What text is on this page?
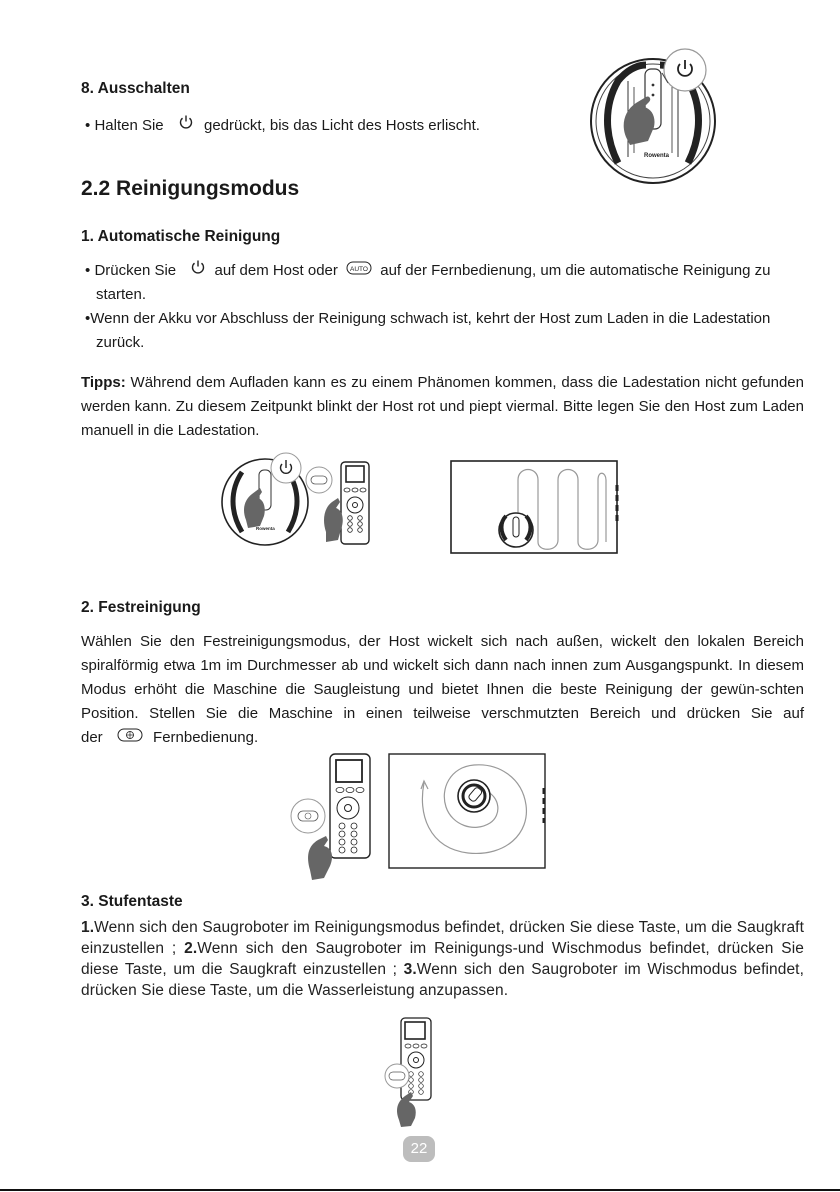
8. Ausschalten
• Halten Sie	gedrückt, bis das Licht des Hosts erlischt.
Rowenta
2.2 Reinigungsmodus
1. Automatische Reinigung
• Drücken Sie	auf dem Host oder AUTO auf der Fernbedienung, um die automatische Reinigung zu
starten.
•Wenn der Akku vor Abschluss der Reinigung schwach ist, kehrt der Host zum Laden in die Ladestation
zurück.
Tipps: Während dem Aufladen kann es zu einem Phänomen kommen, dass die Ladestation nicht gefunden werden kann. Zu diesem Zeitpunkt blinkt der Host rot und piept viermal. Bitte legen Sie den Host zum Laden manuell in die Ladestation.
Rowenta
2. Festreinigung
Wählen Sie den Festreinigungsmodus, der Host wickelt sich nach außen, wickelt den lokalen Bereich spiralförmig etwa 1m im Durchmesser ab und wickelt sich dann nach innen zum Ausgangspunkt. In diesem Modus erhöht die Maschine die Saugleistung und bietet Ihnen die beste Reinigung der gewün-schten Position. Stellen Sie die Maschine in einen teilweise verschmutzten Bereich und drücken Sie auf
der	Fernbedienung.
3. Stufentaste
1.Wenn sich den Saugroboter im Reinigungsmodus befindet, drücken Sie diese Taste, um die Saugkraft einzustellen ; 2.Wenn sich den Saugroboter im Reinigungs-und Wischmodus befindet, drücken Sie diese Taste, um die Saugkraft einzustellen ; 3.Wenn sich den Saugroboter im Wischmodus befindet, drücken Sie diese Taste, um die Wasserleistung anzupassen.
22
